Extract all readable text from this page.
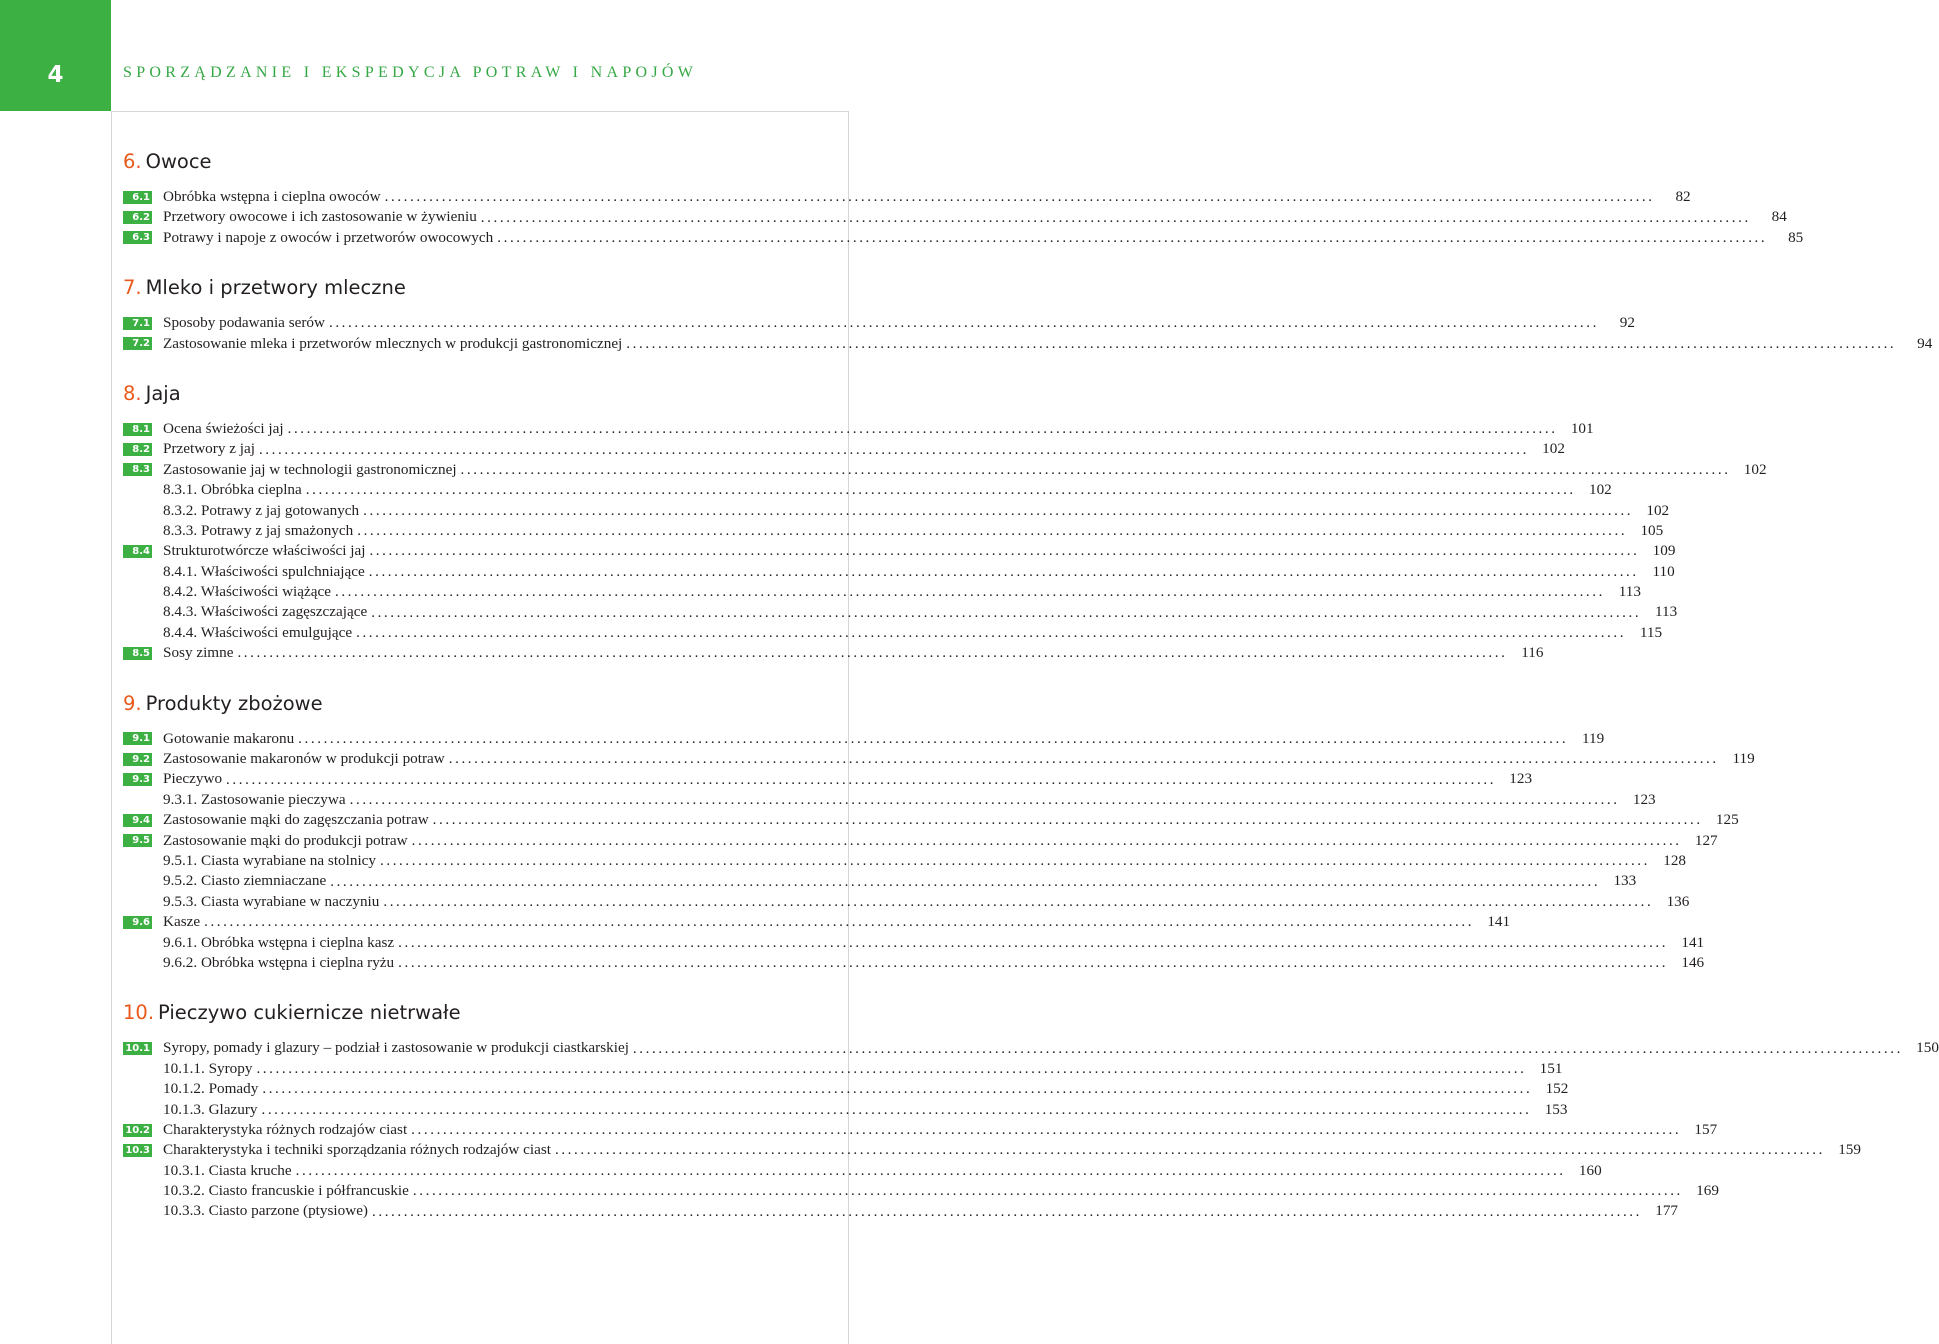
4	SPORZĄDZANIE I EKSPEDYCJA POTRAW I NAPOJÓW
6. Owoce
6.1 Obróbka wstępna i cieplna owoców ........................................................................................................................................................................................................	82
6.2 Przetwory owocowe i ich zastosowanie w żywieniu ........................................................................................................................................................................................................	84
6.3 Potrawy i napoje z owoców i przetworów owocowych ........................................................................................................................................................................................................	85
7. Mleko i przetwory mleczne
7.1 Sposoby podawania serów ........................................................................................................................................................................................................	92
7.2 Zastosowanie mleka i przetworów mlecznych w produkcji gastronomicznej ........................................................................................................................................................................................................	94
8. Jaja
8.1 Ocena świeżości jaj ........................................................................................................................................................................................................ 101
8.2 Przetwory z jaj ........................................................................................................................................................................................................ 102
8.3 Zastosowanie jaj w technologii gastronomicznej ........................................................................................................................................................................................................ 102
8.3.1. Obróbka cieplna ........................................................................................................................................................................................................ 102
8.3.2. Potrawy z jaj gotowanych ........................................................................................................................................................................................................ 102
8.3.3. Potrawy z jaj smażonych ........................................................................................................................................................................................................ 105
8.4 Strukturotwórcze właściwości jaj ........................................................................................................................................................................................................ 109
8.4.1. Właściwości spulchniające ........................................................................................................................................................................................................ 110
8.4.2. Właściwości wiążące ........................................................................................................................................................................................................ 113
8.4.3. Właściwości zagęszczające ........................................................................................................................................................................................................ 113
8.4.4. Właściwości emulgujące ........................................................................................................................................................................................................ 115
8.5 Sosy zimne ........................................................................................................................................................................................................ 116
9. Produkty zbożowe
9.1 Gotowanie makaronu ........................................................................................................................................................................................................ 119
9.2 Zastosowanie makaronów w produkcji potraw ........................................................................................................................................................................................................ 119
9.3 Pieczywo ........................................................................................................................................................................................................ 123
9.3.1. Zastosowanie pieczywa ........................................................................................................................................................................................................ 123
9.4 Zastosowanie mąki do zagęszczania potraw ........................................................................................................................................................................................................ 125
9.5 Zastosowanie mąki do produkcji potraw ........................................................................................................................................................................................................ 127
9.5.1. Ciasta wyrabiane na stolnicy ........................................................................................................................................................................................................ 128
9.5.2. Ciasto ziemniaczane ........................................................................................................................................................................................................ 133
9.5.3. Ciasta wyrabiane w naczyniu ........................................................................................................................................................................................................ 136
9.6 Kasze ........................................................................................................................................................................................................ 141
9.6.1. Obróbka wstępna i cieplna kasz ........................................................................................................................................................................................................ 141
9.6.2. Obróbka wstępna i cieplna ryżu ........................................................................................................................................................................................................ 146
10. Pieczywo cukiernicze nietrwałe
10.1 Syropy, pomady i glazury – podział i zastosowanie w produkcji ciastkarskiej ........................................................................................................................................................................................................ 150
10.1.1. Syropy ........................................................................................................................................................................................................ 151
10.1.2. Pomady ........................................................................................................................................................................................................ 152
10.1.3. Glazury ........................................................................................................................................................................................................ 153
10.2 Charakterystyka różnych rodzajów ciast ........................................................................................................................................................................................................ 157
10.3 Charakterystyka i techniki sporządzania różnych rodzajów ciast ........................................................................................................................................................................................................ 159
10.3.1. Ciasta kruche ........................................................................................................................................................................................................ 160
10.3.2. Ciasto francuskie i półfrancuskie ........................................................................................................................................................................................................ 169
10.3.3. Ciasto parzone (ptysiowe) ........................................................................................................................................................................................................ 177
